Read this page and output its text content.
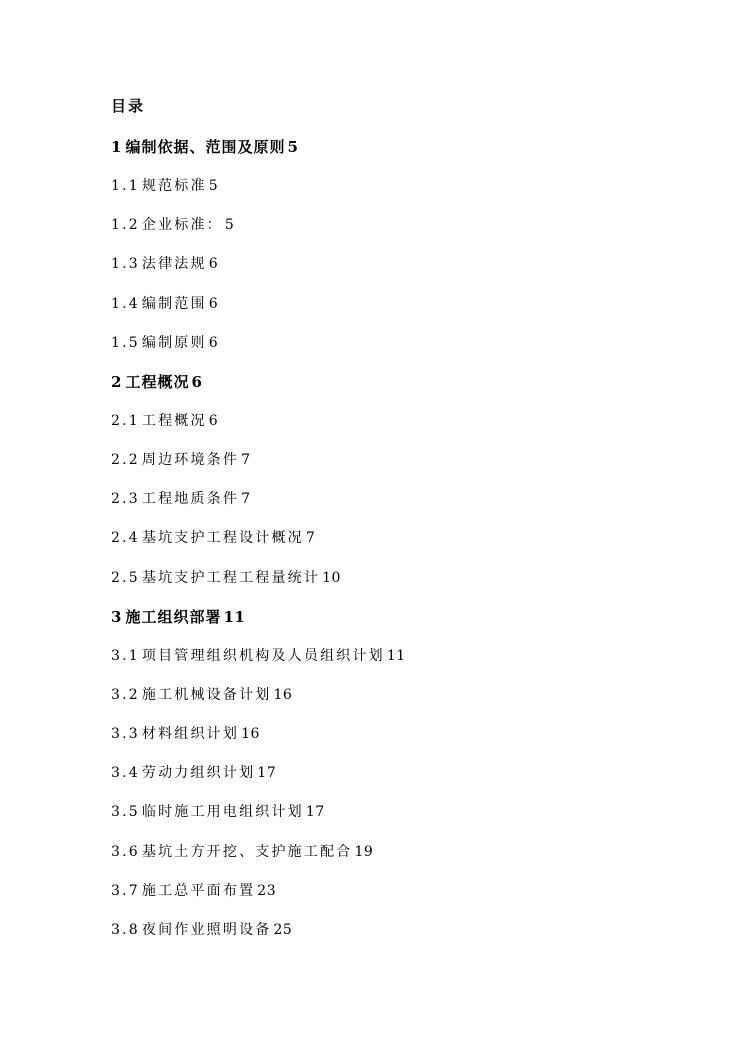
目录
1 编制依据、范围及原则 5
1.1 规范标准 5
1.2 企业标准： 5
1.3 法律法规 6
1.4 编制范围 6
1.5 编制原则 6
2 工程概况 6
2.1 工程概况 6
2.2 周边环境条件 7
2.3 工程地质条件 7
2.4 基坑支护工程设计概况 7
2.5 基坑支护工程工程量统计 10
3 施工组织部署 11
3.1 项目管理组织机构及人员组织计划 11
3.2 施工机械设备计划 16
3.3 材料组织计划 16
3.4 劳动力组织计划 17
3.5 临时施工用电组织计划 17
3.6 基坑土方开挖、支护施工配合 19
3.7 施工总平面布置 23
3.8 夜间作业照明设备 25
